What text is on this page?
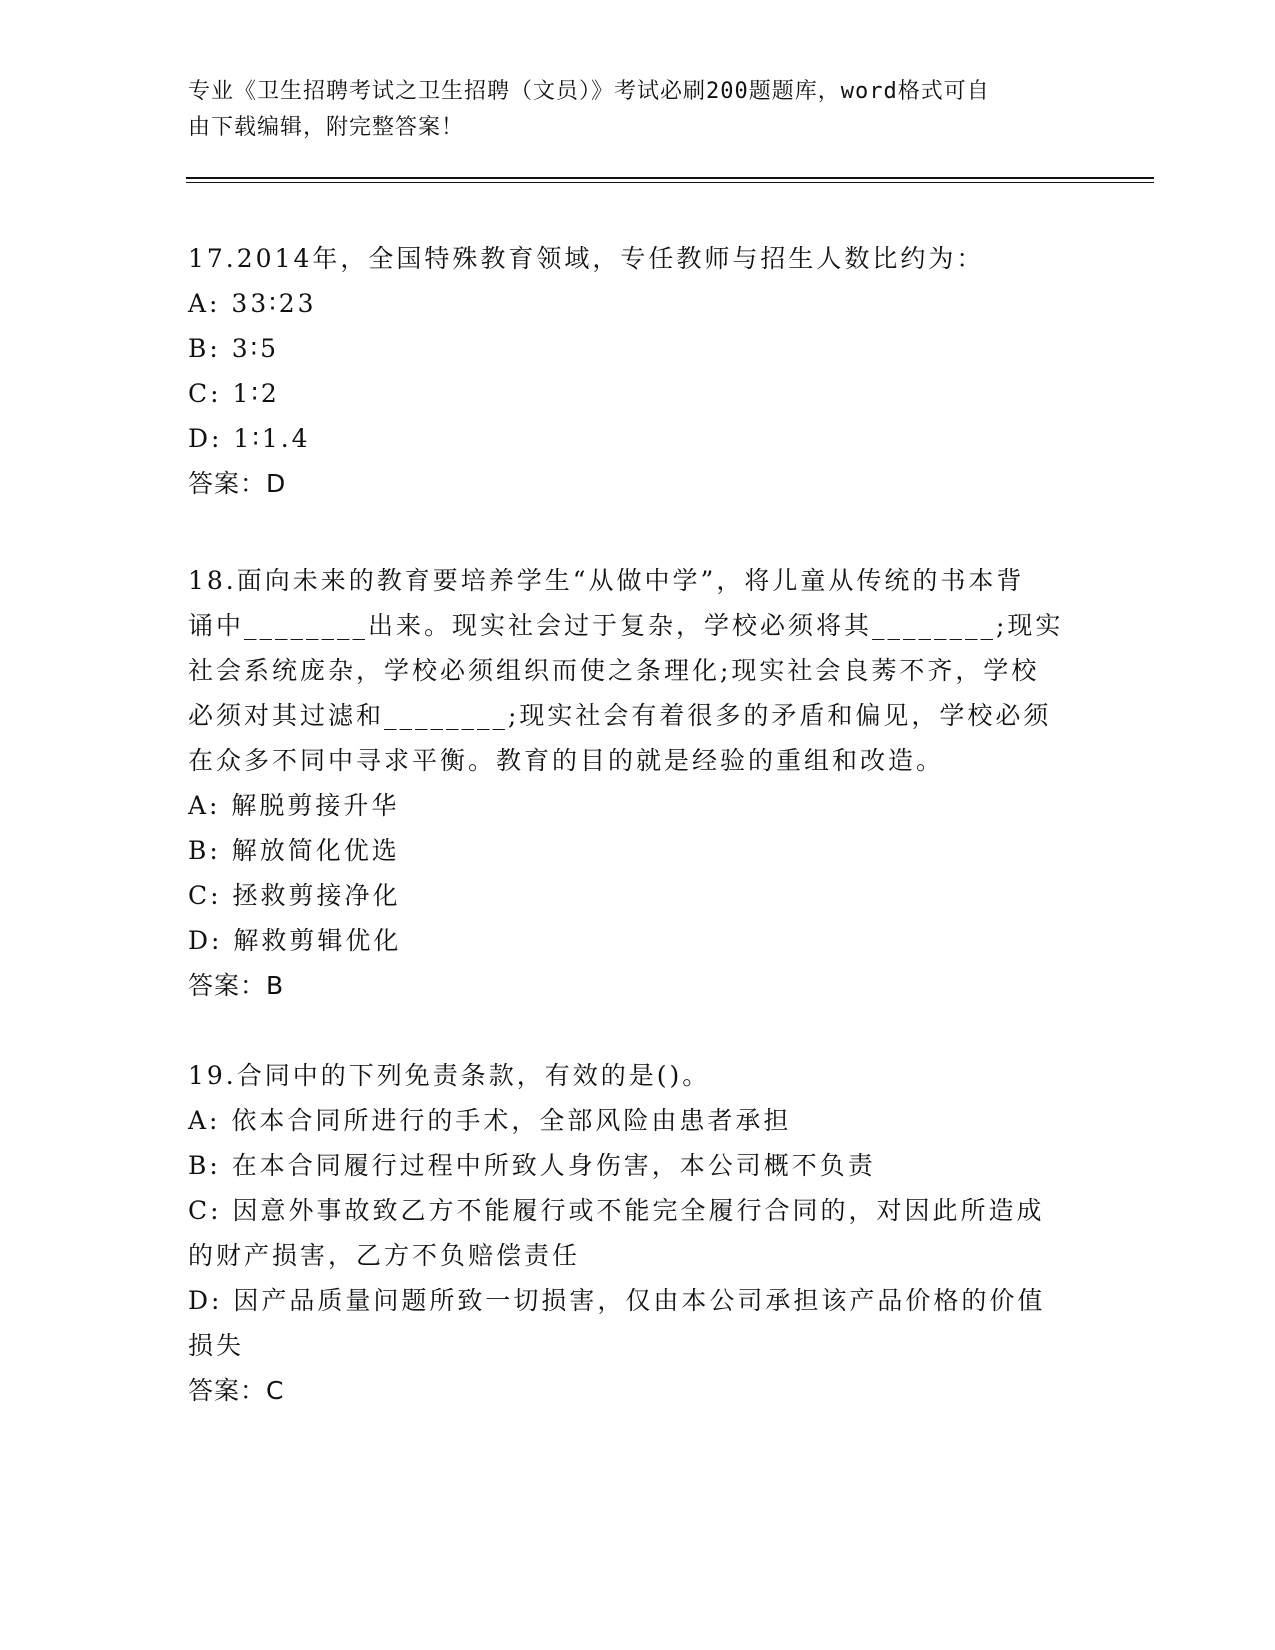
专业《卫生招聘考试之卫生招聘（文员）》考试必刷200题题库，word格式可自
由下载编辑，附完整答案！
17.2014年，全国特殊教育领域，专任教师与招生人数比约为：
A: 33∶23
B: 3∶5
C: 1∶2
D: 1∶1.4
答案：D
18.面向未来的教育要培养学生“从做中学”，将儿童从传统的书本背
诵中________出来。现实社会过于复杂，学校必须将其________;现实
社会系统庞杂，学校必须组织而使之条理化;现实社会良莠不齐，学校
必须对其过滤和________;现实社会有着很多的矛盾和偏见，学校必须
在众多不同中寻求平衡。教育的目的就是经验的重组和改造。
A: 解脱剪接升华
B: 解放简化优选
C: 拯救剪接净化
D: 解救剪辑优化
答案：B
19.合同中的下列免责条款，有效的是()。
A: 依本合同所进行的手术，全部风险由患者承担
B: 在本合同履行过程中所致人身伤害，本公司概不负责
C: 因意外事故致乙方不能履行或不能完全履行合同的，对因此所造成
的财产损害，乙方不负赔偿责任
D: 因产品质量问题所致一切损害，仅由本公司承担该产品价格的价值
损失
答案：C
